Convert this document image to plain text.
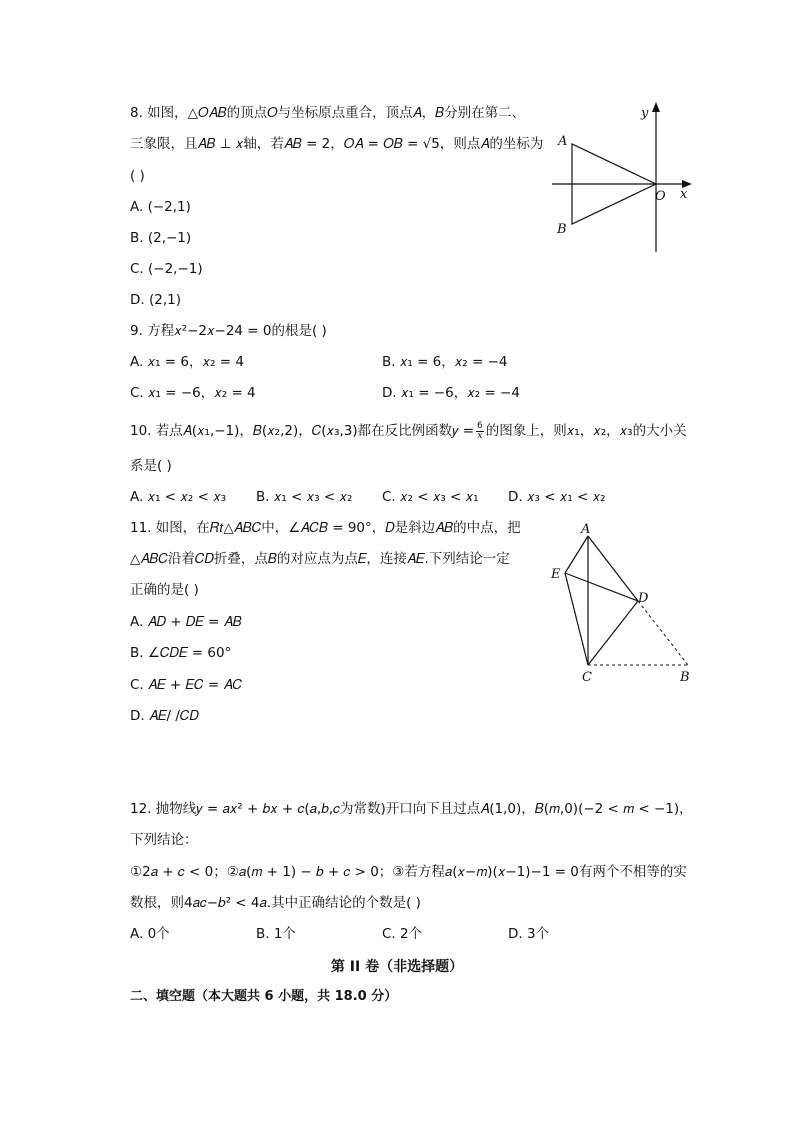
8. 如图，△𝑂𝐴𝐵的顶点𝑂与坐标原点重合，顶点𝐴，𝐵分别在第二、
三象限，且𝐴𝐵 ⊥ 𝑥轴，若𝐴𝐵 = 2，𝑂𝐴 = 𝑂𝐵 = √5，则点𝐴的坐标为
( )
A. (−2,1)
B. (2,−1)
C. (−2,−1)
D. (2,1)
y
x
O
A
B
9. 方程𝑥²−2𝑥−24 = 0的根是( )
A. 𝑥₁ = 6，𝑥₂ = 4	B. 𝑥₁ = 6，𝑥₂ = −4
C. 𝑥₁ = −6，𝑥₂ = 4	D. 𝑥₁ = −6，𝑥₂ = −4
10. 若点𝐴(𝑥₁,−1)，𝐵(𝑥₂,2)，𝐶(𝑥₃,3)都在反比例函数𝑦 = $\frac{6}{x}$ 的图象上，则𝑥₁，𝑥₂，𝑥₃的大小关
系是( )
A. 𝑥₁ < 𝑥₂ < 𝑥₃ B. 𝑥₁ < 𝑥₃ < 𝑥₂ C. 𝑥₂ < 𝑥₃ < 𝑥₁ D. 𝑥₃ < 𝑥₁ < 𝑥₂
11. 如图，在𝑅𝑡△𝐴𝐵𝐶中，∠𝐴𝐶𝐵 = 90°，𝐷是斜边𝐴𝐵的中点，把
△𝐴𝐵𝐶沿着𝐶𝐷折叠，点𝐵的对应点为点𝐸，连接𝐴𝐸.下列结论一定
正确的是( )
A. 𝐴𝐷 + 𝐷𝐸 = 𝐴𝐵
B. ∠𝐶𝐷𝐸 = 60°
C. 𝐴𝐸 + 𝐸𝐶 = 𝐴𝐶
D. 𝐴𝐸/ /𝐶𝐷
A
E
D
C	B
12. 抛物线𝑦 = 𝑎𝑥² + 𝑏𝑥 + 𝑐(𝑎,𝑏,𝑐为常数)开口向下且过点𝐴(1,0)，𝐵(𝑚,0)(−2 < 𝑚 < −1)，
下列结论：
①2𝑎 + 𝑐 < 0；②𝑎(𝑚 + 1) − 𝑏 + 𝑐 > 0；③若方程𝑎(𝑥−𝑚)(𝑥−1)−1 = 0有两个不相等的实
数根，则4𝑎𝑐−𝑏² < 4𝑎.其中正确结论的个数是( )
A. 0个	B. 1个	C. 2个	D. 3个
第 II 卷（非选择题）
二、填空题（本大题共 6 小题，共 18.0 分）
